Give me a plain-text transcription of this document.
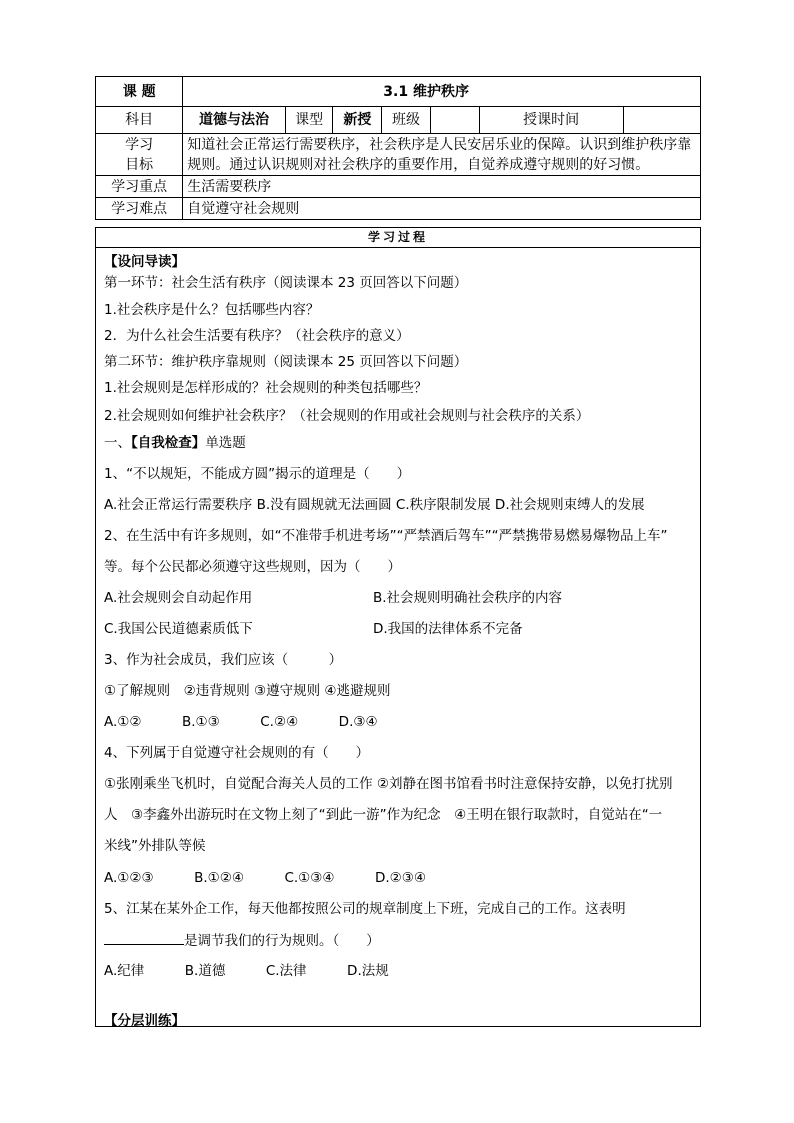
课 题	3.1 维护秩序						
科目	道德与法治	课型	新授	班级		授课时间	
学习
目标	知道社会正常运行需要秩序，社会秩序是人民安居乐业的保障。认识到维护秩序靠规则。通过认识规则对社会秩序的重要作用，自觉养成遵守规则的好习惯。						
学习重点	生活需要秩序						
学习难点	自觉遵守社会规则						
学习过程
【设问导读】
第一环节：社会生活有秩序（阅读课本 23 页回答以下问题）
1.社会秩序是什么？包括哪些内容？
2．为什么社会生活要有秩序？（社会秩序的意义）
第二环节：维护秩序靠规则（阅读课本 25 页回答以下问题）
1.社会规则是怎样形成的？社会规则的种类包括哪些？
2.社会规则如何维护社会秩序？（社会规则的作用或社会规则与社会秩序的关系）
一、【自我检查】单选题
1、“不以规矩，不能成方圆”揭示的道理是（　　）
A.社会正常运行需要秩序 B.没有圆规就无法画圆 C.秩序限制发展 D.社会规则束缚人的发展
2、在生活中有许多规则，如“不准带手机进考场”“严禁酒后驾车”“严禁携带易燃易爆物品上车”
等。每个公民都必须遵守这些规则，因为（　　）
A.社会规则会自动起作用	B.社会规则明确社会秩序的内容
C.我国公民道德素质低下	D.我国的法律体系不完备
3、作为社会成员，我们应该（　　　）
①了解规则　②违背规则 ③遵守规则 ④逃避规则
A.①②　　　B.①③　　　C.②④　　　D.③④
4、下列属于自觉遵守社会规则的有（　　）
①张刚乘坐飞机时，自觉配合海关人员的工作 ②刘静在图书馆看书时注意保持安静，以免打扰别
人　③李鑫外出游玩时在文物上刻了“到此一游”作为纪念　④王明在银行取款时，自觉站在“一
米线”外排队等候
A.①②③　　　B.①②④　　　C.①③④　　　D.②③④
5、江某在某外企工作，每天他都按照公司的规章制度上下班，完成自己的工作。这表明
是调节我们的行为规则。（　　）
A.纪律　　　B.道德　　　C.法律　　　D.法规
【分层训练】
